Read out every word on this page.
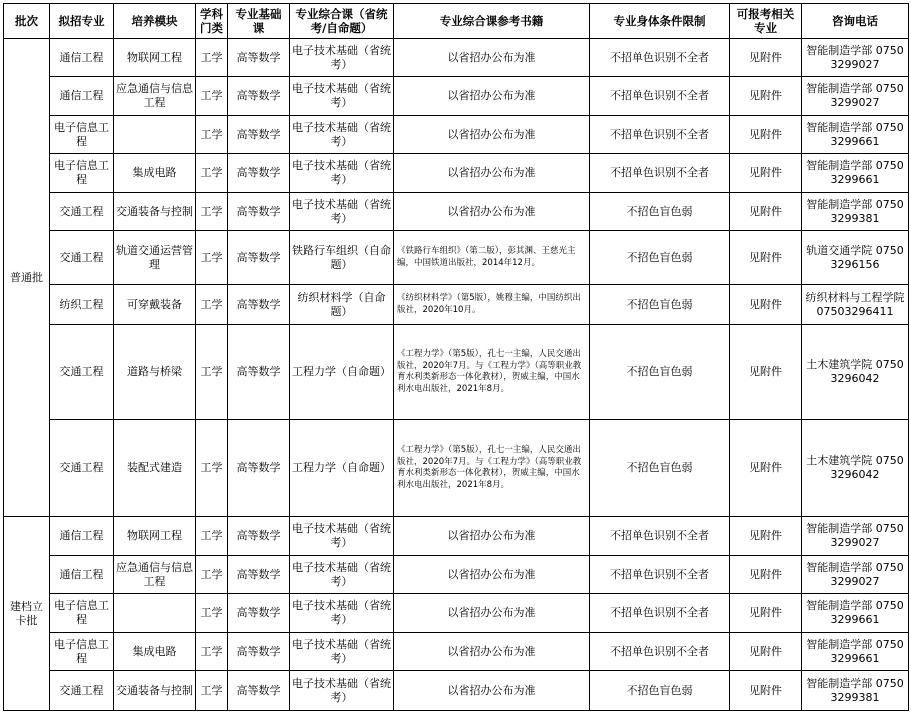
批次	拟招专业	培养模块	学科门类	专业基础课	专业综合课（省统考/自命题）	专业综合课参考书籍	专业身体条件限制	可报考相关专业	咨询电话
普通批	通信工程	物联网工程	工学	高等数学	电子技术基础（省统考）	以省招办公布为准	不招单色识别不全者	见附件	智能制造学部 07503299027
	通信工程	应急通信与信息工程	工学	高等数学	电子技术基础（省统考）	以省招办公布为准	不招单色识别不全者	见附件	智能制造学部 07503299027
	电子信息工程		工学	高等数学	电子技术基础（省统考）	以省招办公布为准	不招单色识别不全者	见附件	智能制造学部 07503299661
	电子信息工程	集成电路	工学	高等数学	电子技术基础（省统考）	以省招办公布为准	不招单色识别不全者	见附件	智能制造学部 07503299661
	交通工程	交通装备与控制	工学	高等数学	电子技术基础（省统考）	以省招办公布为准	不招色盲色弱	见附件	智能制造学部 07503299381
	交通工程	轨道交通运营管理	工学	高等数学	铁路行车组织（自命题）	《铁路行车组织》（第二版），彭其渊、王慈光主编，中国铁道出版社，2014年12月。	不招色盲色弱	见附件	轨道交通学院 07503296156
	纺织工程	可穿戴装备	工学	高等数学	纺织材料学（自命题）	《纺织材料学》（第5版），姚穆主编，中国纺织出版社，2020年10月。	不招色盲色弱	见附件	纺织材料与工程学院07503296411
	交通工程	道路与桥梁	工学	高等数学	工程力学（自命题）	《工程力学》（第5版），孔七一主编，人民交通出版社，2020年7月。与《工程力学》（高等职业教育水利类新形态一体化教材），贺威主编，中国水利水电出版社，2021年8月。	不招色盲色弱	见附件	土木建筑学院 07503296042
	交通工程	装配式建造	工学	高等数学	工程力学（自命题）	《工程力学》（第5版），孔七一主编，人民交通出版社，2020年7月。与《工程力学》（高等职业教育水利类新形态一体化教材），贺威主编，中国水利水电出版社，2021年8月。	不招色盲色弱	见附件	土木建筑学院 07503296042
建档立卡批	通信工程	物联网工程	工学	高等数学	电子技术基础（省统考）	以省招办公布为准	不招单色识别不全者	见附件	智能制造学部 07503299027
	通信工程	应急通信与信息工程	工学	高等数学	电子技术基础（省统考）	以省招办公布为准	不招单色识别不全者	见附件	智能制造学部 07503299027
	电子信息工程		工学	高等数学	电子技术基础（省统考）	以省招办公布为准	不招单色识别不全者	见附件	智能制造学部 07503299661
	电子信息工程	集成电路	工学	高等数学	电子技术基础（省统考）	以省招办公布为准	不招单色识别不全者	见附件	智能制造学部 07503299661
	交通工程	交通装备与控制	工学	高等数学	电子技术基础（省统考）	以省招办公布为准	不招色盲色弱	见附件	智能制造学部 07503299381
